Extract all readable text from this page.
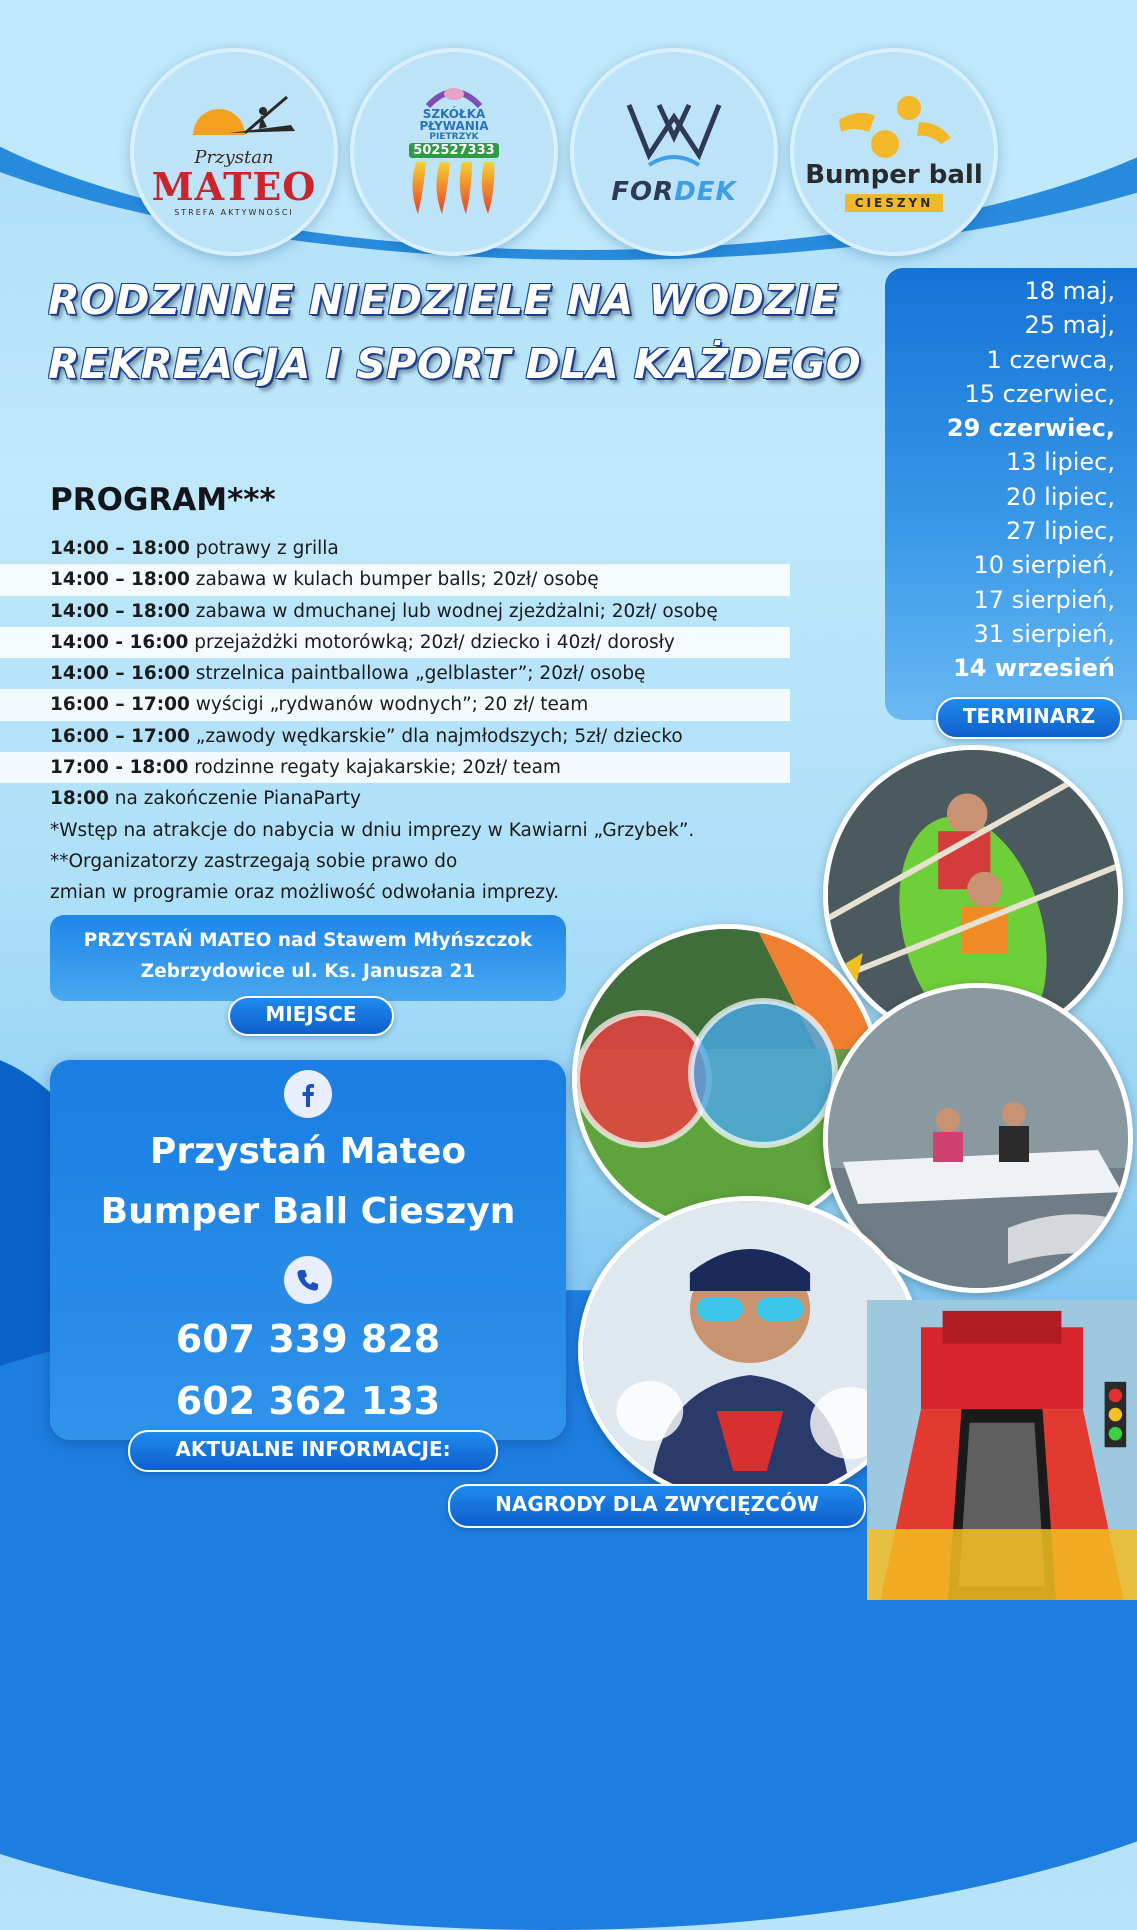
Przystan
MATEO
STREFA AKTYWNOŚCI
SZKÓŁKA
PŁYWANIA
PIETRZYK
502527333
FORDEK
Bumper ball
CIESZYN
RODZINNE NIEDZIELE NA WODZIE
REKREACJA I SPORT DLA KAŻDEGO
18 maj,
25 maj,
1 czerwca,
15 czerwiec,
29 czerwiec,
13 lipiec,
20 lipiec,
27 lipiec,
10 sierpień,
17 sierpień,
31 sierpień,
14 wrzesień
TERMINARZ
PROGRAM***
14:00 – 18:00 potrawy z grilla
14:00 – 18:00 zabawa w kulach bumper balls; 20zł/ osobę
14:00 – 18:00 zabawa w dmuchanej lub wodnej zjeżdżalni; 20zł/ osobę
14:00 - 16:00 przejażdżki motorówką; 20zł/ dziecko i 40zł/ dorosły
14:00 – 16:00 strzelnica paintballowa „gelblaster”; 20zł/ osobę
16:00 – 17:00 wyścigi „rydwanów wodnych”; 20 zł/ team
16:00 – 17:00 „zawody wędkarskie” dla najmłodszych; 5zł/ dziecko
17:00 - 18:00 rodzinne regaty kajakarskie; 20zł/ team
18:00 na zakończenie PianaParty
*Wstęp na atrakcje do nabycia w dniu imprezy w Kawiarni „Grzybek”.
**Organizatorzy zastrzegają sobie prawo do
zmian w programie oraz możliwość odwołania imprezy.
PRZYSTAŃ MATEO nad Stawem Młyńszczok
Zebrzydowice ul. Ks. Janusza 21
MIEJSCE
Przystań Mateo
Bumper Ball Cieszyn
607 339 828
602 362 133
AKTUALNE INFORMACJE:
NAGRODY DLA ZWYCIĘZCÓW
